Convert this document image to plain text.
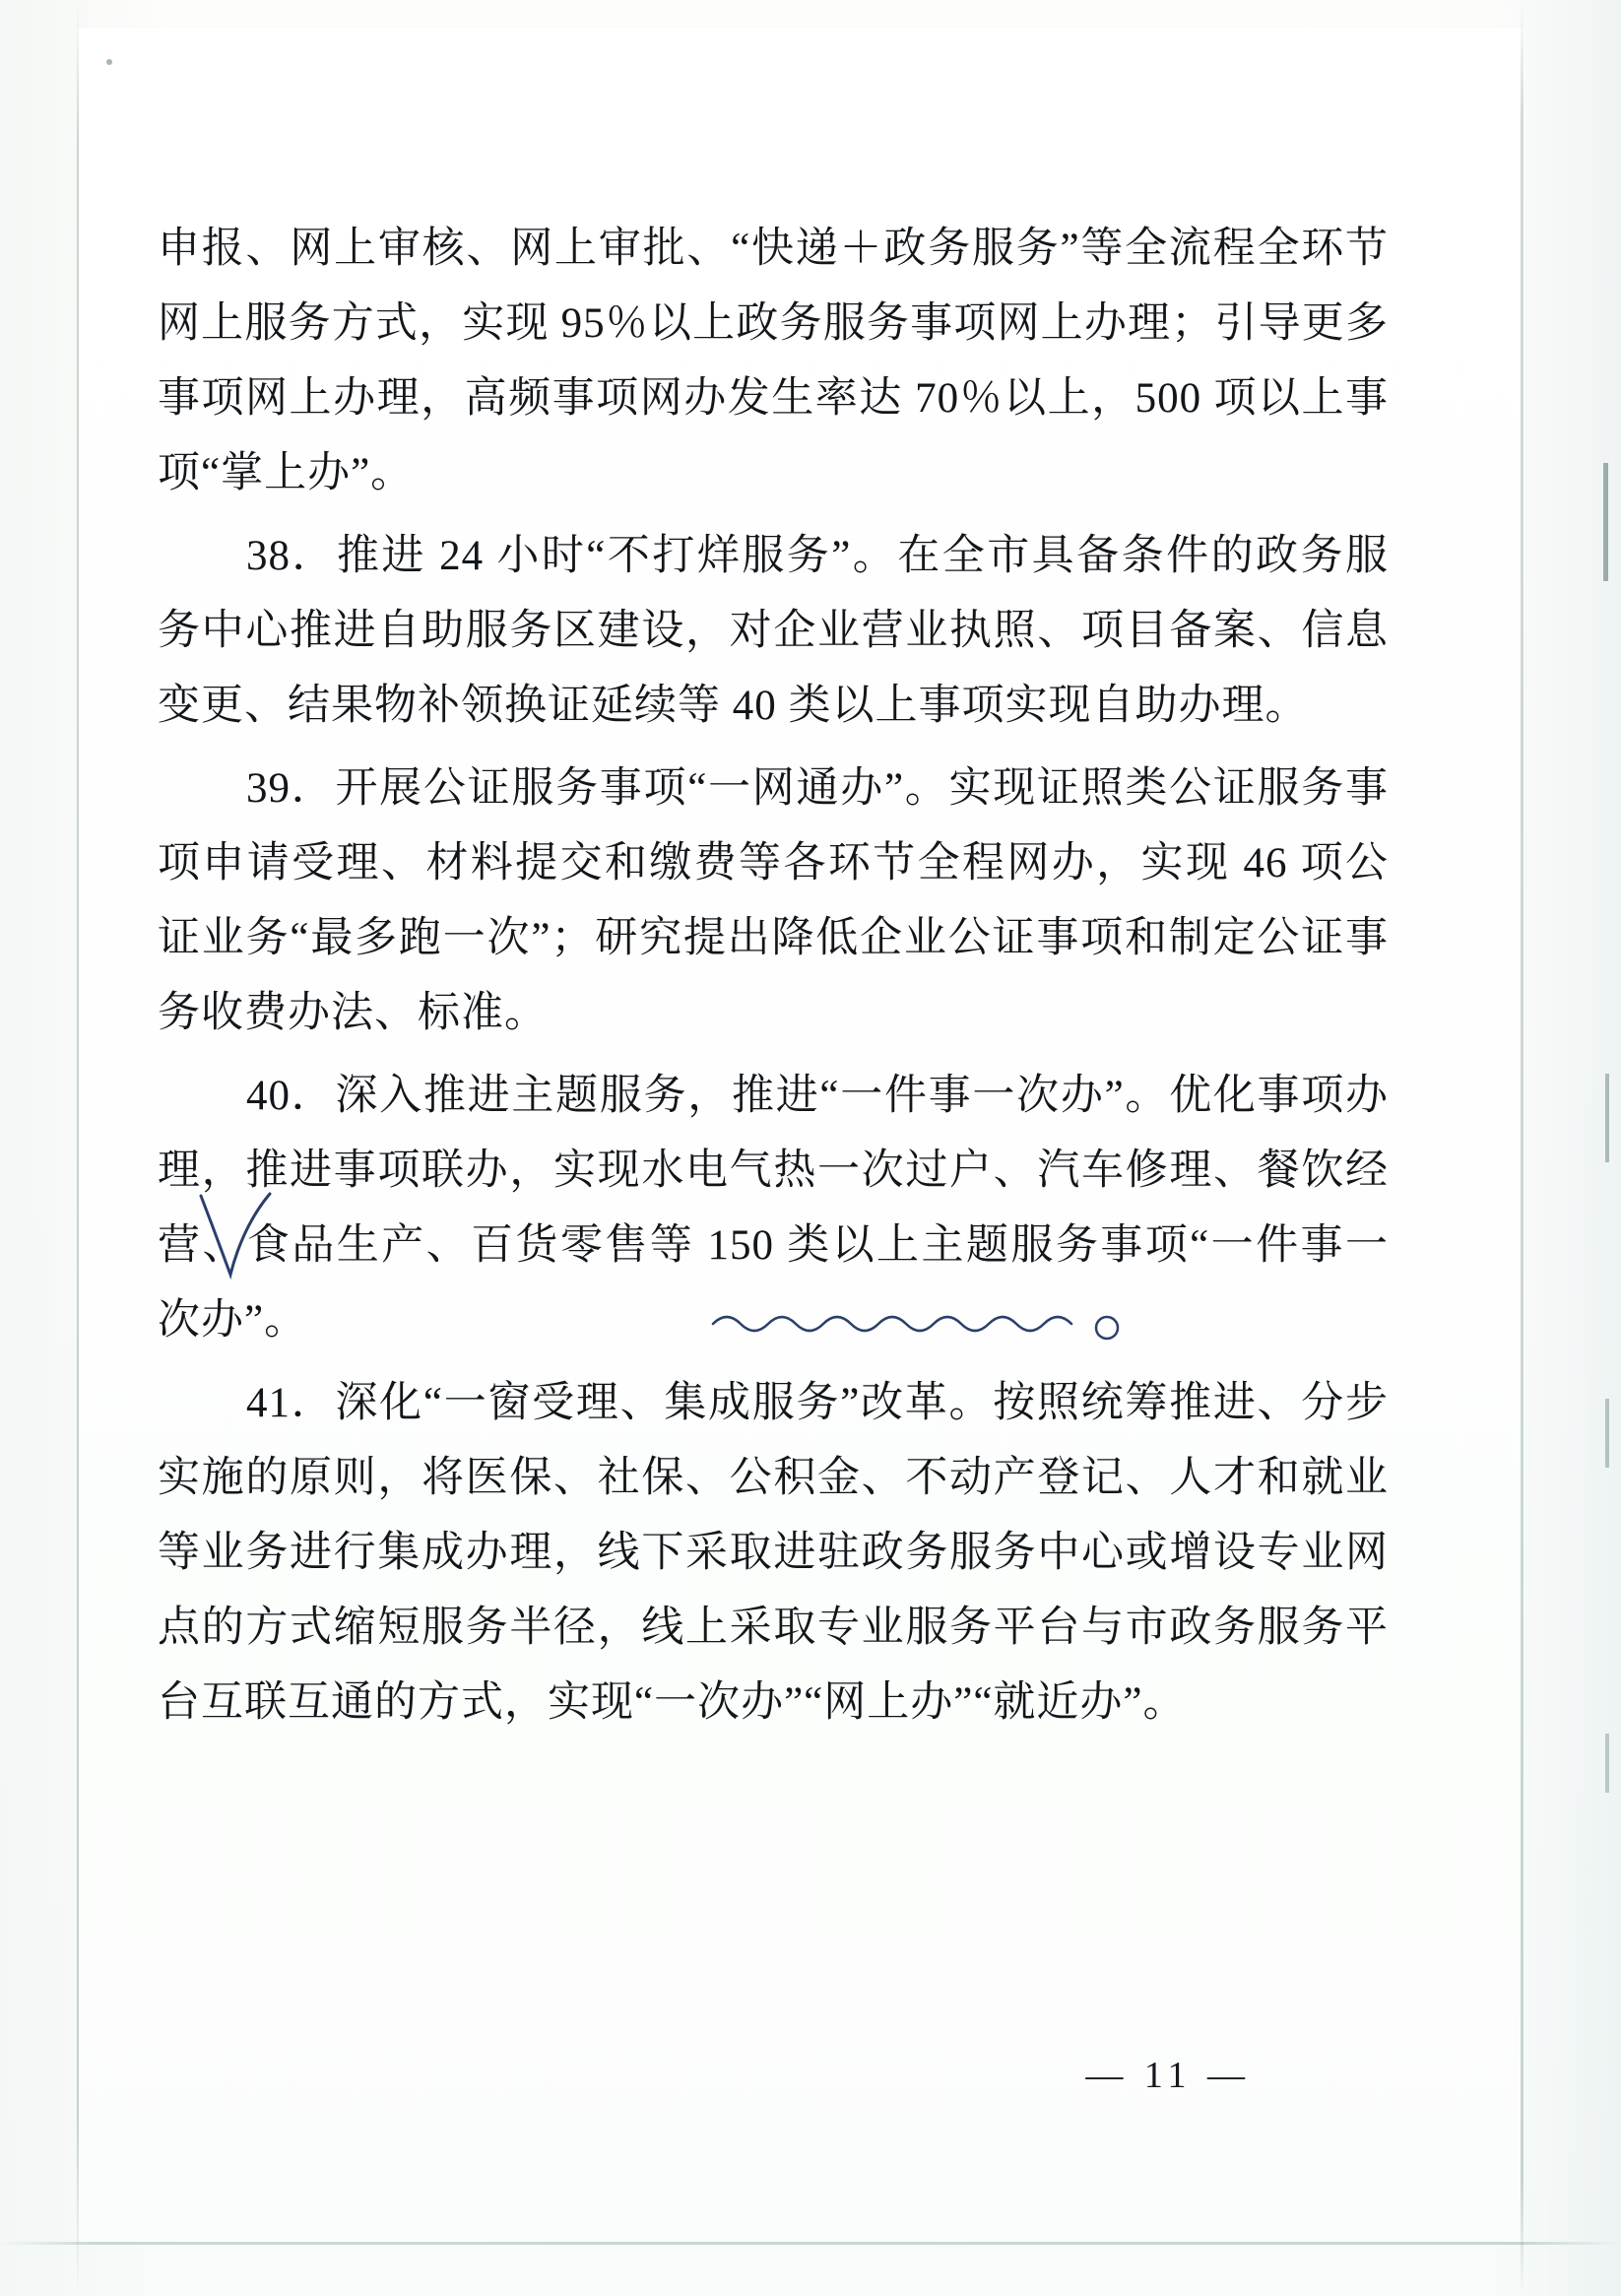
申报、网上审核、网上审批、“快递＋政务服务”等全流程全环节网上服务方式，实现 95％以上政务服务事项网上办理；引导更多事项网上办理，高频事项网办发生率达 70％以上，500 项以上事项“掌上办”。

38．推进 24 小时“不打烊服务”。在全市具备条件的政务服务中心推进自助服务区建设，对企业营业执照、项目备案、信息变更、结果物补领换证延续等 40 类以上事项实现自助办理。

39．开展公证服务事项“一网通办”。实现证照类公证服务事项申请受理、材料提交和缴费等各环节全程网办，实现 46 项公证业务“最多跑一次”；研究提出降低企业公证事项和制定公证事务收费办法、标准。

40．深入推进主题服务，推进“一件事一次办”。优化事项办理，推进事项联办，实现水电气热一次过户、汽车修理、餐饮经营、食品生产、百货零售等 150 类以上主题服务事项“一件事一次办”。

41．深化“一窗受理、集成服务”改革。按照统筹推进、分步实施的原则，将医保、社保、公积金、不动产登记、人才和就业等业务进行集成办理，线下采取进驻政务服务中心或增设专业网点的方式缩短服务半径，线上采取专业服务平台与市政务服务平台互联互通的方式，实现“一次办”“网上办”“就近办”。

— 11 —
